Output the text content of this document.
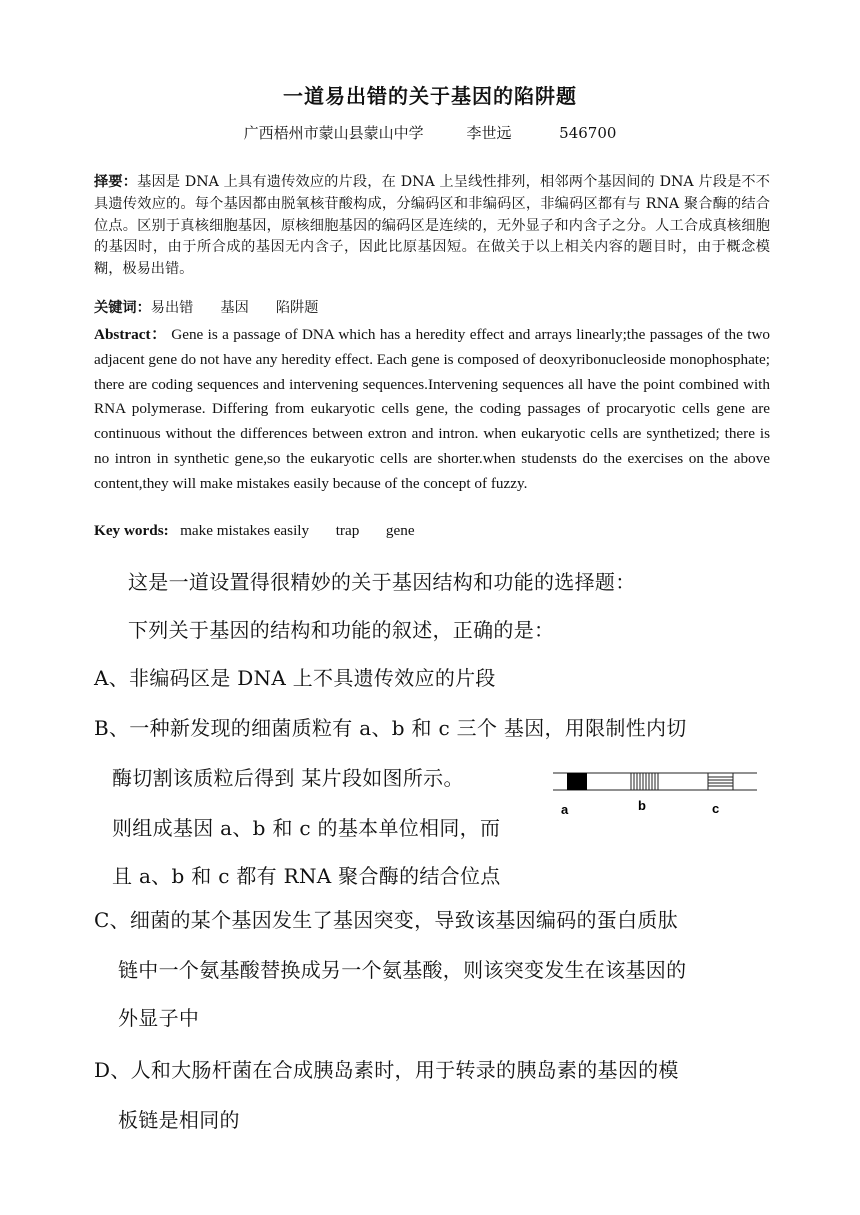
一道易出错的关于基因的陷阱题
广西梧州市蒙山县蒙山中学         李世远          546700
择要：基因是 DNA 上具有遗传效应的片段，在 DNA 上呈线性排列，相邻两个基因间的 DNA 片段是不不具遗传效应的。每个基因都由脱氧核苷酸构成，分编码区和非编码区，非编码区都有与 RNA 聚合酶的结合位点。区别于真核细胞基因，原核细胞基因的编码区是连续的，无外显子和内含子之分。人工合成真核细胞的基因时，由于所合成的基因无内含子，因此比原基因短。在做关于以上相关内容的题目时，由于概念模糊，极易出错。
关键词：易出错      基因      陷阱题
Abstract： Gene is a passage of DNA which has a heredity effect and arrays linearly;the passages of the two adjacent gene do not have any heredity effect. Each gene is composed of deoxyribonucleoside monophosphate; there are coding sequences and intervening sequences.Intervening sequences all have the point combined with RNA polymerase. Differing from eukaryotic cells gene, the coding passages of procaryotic cells gene are continuous without the differences between extron and intron. when eukaryotic cells are synthetized; there is no intron in synthetic gene,so the eukaryotic cells are shorter.when studensts do the exercises on the above content,they will make mistakes easily because of the concept of fuzzy.
Key words:   make mistakes easily       trap       gene
这是一道设置得很精妙的关于基因结构和功能的选择题：
下列关于基因的结构和功能的叙述，正确的是：
A、非编码区是 DNA 上不具遗传效应的片段
B、一种新发现的细菌质粒有 a、b 和 c 三个 基因，用限制性内切
酶切割该质粒后得到 某片段如图所示。
则组成基因 a、b 和 c 的基本单位相同，而
且 a、b 和 c 都有 RNA 聚合酶的结合位点
C、细菌的某个基因发生了基因突变，导致该基因编码的蛋白质肽
链中一个氨基酸替换成另一个氨基酸，则该突变发生在该基因的
外显子中
D、人和大肠杆菌在合成胰岛素时，用于转录的胰岛素的基因的模
板链是相同的
a	b	c
